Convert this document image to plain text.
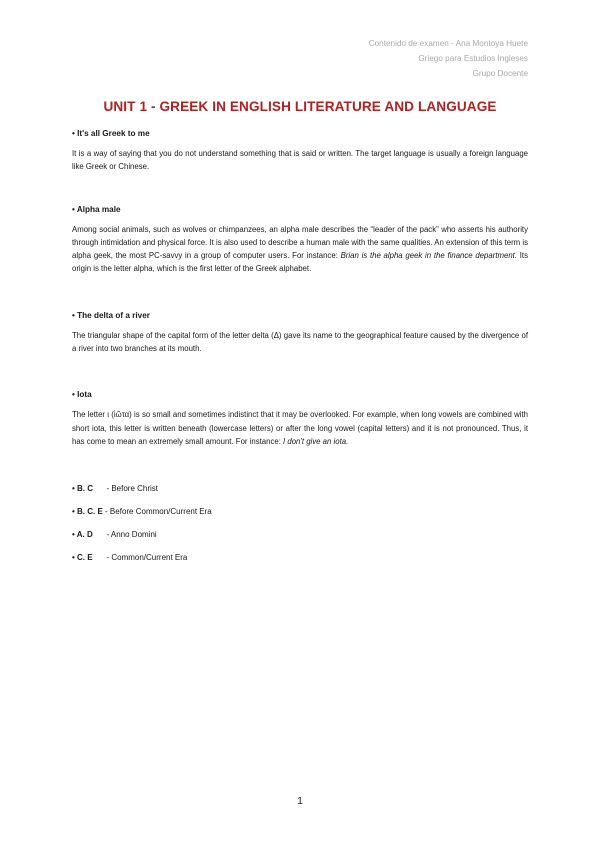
Contenido de examen - Ana Montoya Huete
Griego para Estudios Ingleses
Grupo Docente
UNIT 1 - GREEK IN ENGLISH LITERATURE AND LANGUAGE
• It's all Greek to me
It is a way of saying that you do not understand something that is said or written. The target language is usually a foreign language like Greek or Chinese.
• Alpha male
Among social animals, such as wolves or chimpanzees, an alpha male describes the “leader of the pack” who asserts his authority through intimidation and physical force. It is also used to describe a human male with the same qualities. An extension of this term is alpha geek, the most PC-savvy in a group of computer users. For instance: Brian is the alpha geek in the finance department. Its origin is the letter alpha, which is the first letter of the Greek alphabet.
• The delta of a river
The triangular shape of the capital form of the letter delta (Δ) gave its name to the geographical feature caused by the divergence of a river into two branches at its mouth.
• Iota
The letter ι (ἰῶτα) is so small and sometimes indistinct that it may be overlooked. For example, when long vowels are combined with short iota, this letter is written beneath (lowercase letters) or after the long vowel (capital letters) and it is not pronounced. Thus, it has come to mean an extremely small amount. For instance: I don't give an iota.
• B. C - Before Christ
• B. C. E - Before Common/Current Era
• A. D - Anno Domini
• C. E - Common/Current Era
1
